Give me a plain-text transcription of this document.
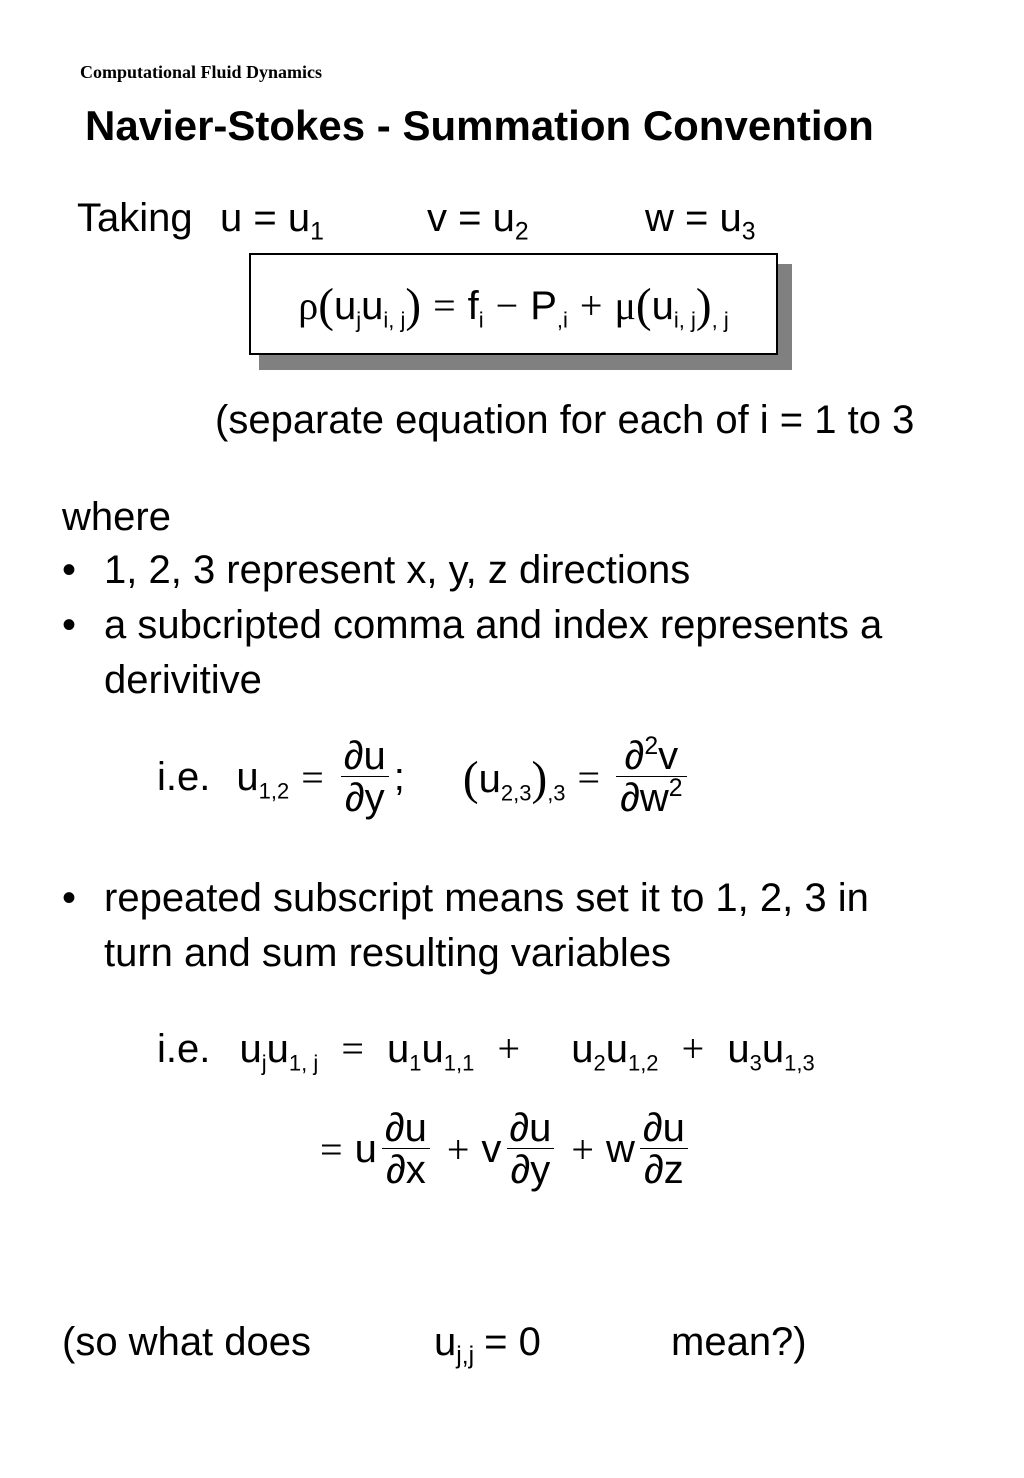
Computational Fluid Dynamics
Navier-Stokes - Summation Convention
Taking $u = u_1$	$v = u_2$	$w = u_3$
$\rho(u_ju_{i, j}) = f_i - P_{,i} + \mu(u_{i, j})_{, j}$
(separate equation for each of i = 1 to 3
where
• 1, 2, 3 represent x, y, z directions
• a subcripted comma and index represents a
derivitive
i.e. $u_{1,2} = \frac{\partial u}{\partial y}$ ; $(u_{2,3})_{,3} = \frac{\partial^2v}{\partial w^2}$
• repeated subscript means set it to 1, 2, 3 in
turn and sum resulting variables
i.e. $u_ju_{1, j} = u_1u_{1,1} + u_2u_{1,2} + u_3u_{1,3}$
= u $\frac{\partial u}{\partial x} + v \frac{\partial u}{\partial y} + w \frac{\partial u}{\partial z}$
(so what does	$u_{j,j} = 0$	mean?)
